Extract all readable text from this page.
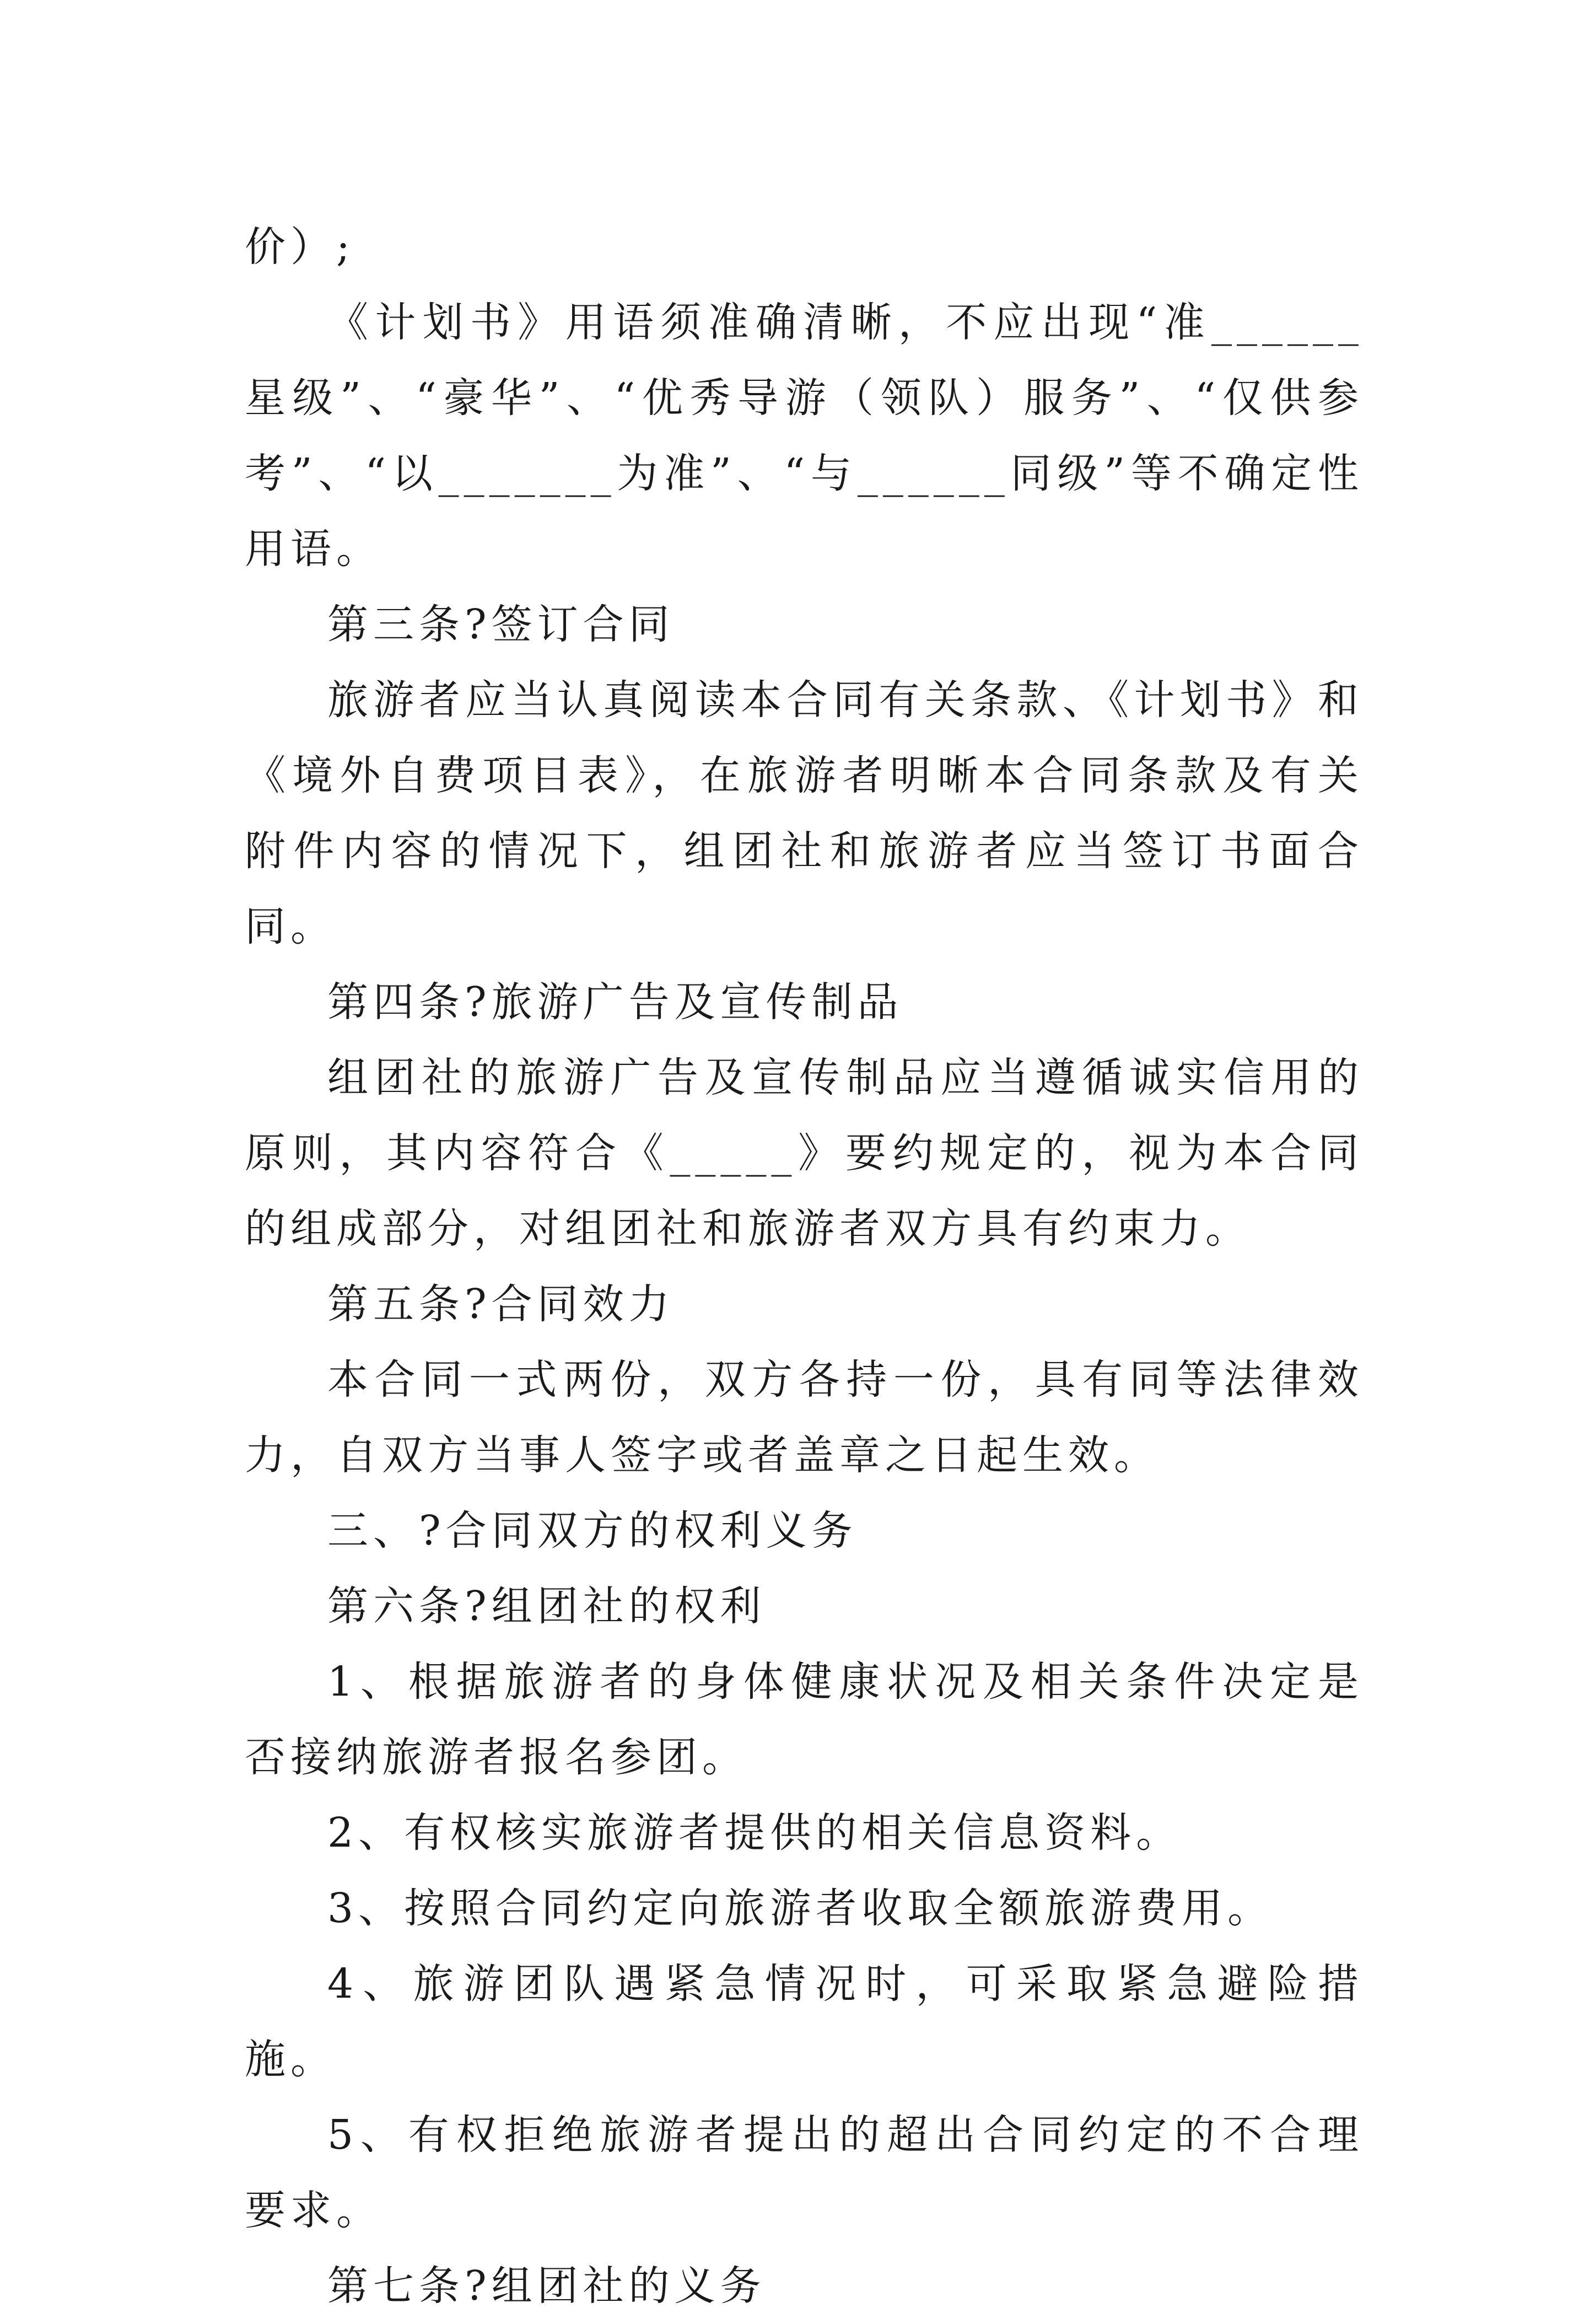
价）;

《计划书》用语须准确清晰，不应出现“准______星级”、“豪华”、“优秀导游（领队）服务”、“仅供参考”、“以_______为准”、“与______同级”等不确定性用语。

第三条?签订合同

旅游者应当认真阅读本合同有关条款、《计划书》和《境外自费项目表》，在旅游者明晰本合同条款及有关附件内容的情况下，组团社和旅游者应当签订书面合同。

第四条?旅游广告及宣传制品

组团社的旅游广告及宣传制品应当遵循诚实信用的原则，其内容符合《_____》要约规定的，视为本合同的组成部分，对组团社和旅游者双方具有约束力。

第五条?合同效力

本合同一式两份，双方各持一份，具有同等法律效力，自双方当事人签字或者盖章之日起生效。

三、?合同双方的权利义务

第六条?组团社的权利

1、根据旅游者的身体健康状况及相关条件决定是否接纳旅游者报名参团。

2、有权核实旅游者提供的相关信息资料。

3、按照合同约定向旅游者收取全额旅游费用。

4、旅游团队遇紧急情况时，可采取紧急避险措施。

5、有权拒绝旅游者提出的超出合同约定的不合理要求。

第七条?组团社的义务
